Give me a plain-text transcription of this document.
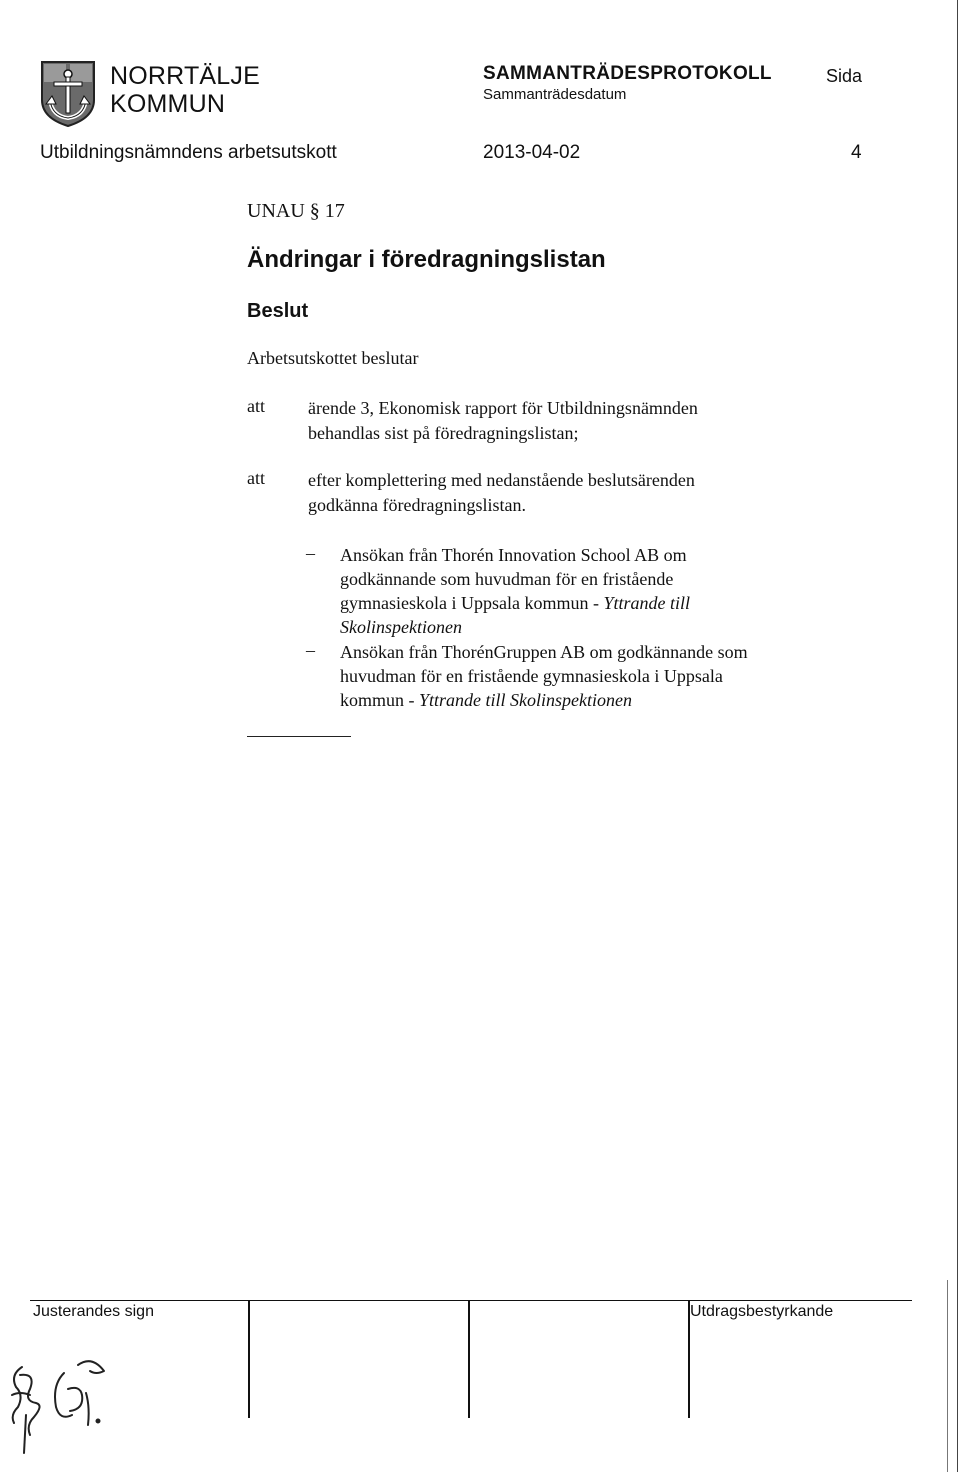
NORRTÄLJE
KOMMUN
SAMMANTRÄDESPROTOKOLL
Sammanträdesdatum
Sida
Utbildningsnämndens arbetsutskott	2013-04-02	4
UNAU § 17
Ändringar i föredragningslistan
Beslut
Arbetsutskottet beslutar
att ärende 3, Ekonomisk rapport för Utbildningsnämnden
behandlas sist på föredragningslistan;
att efter komplettering med nedanstående beslutsärenden
godkänna föredragningslistan.
– Ansökan från Thorén Innovation School AB om
godkännande som huvudman för en fristående
gymnasieskola i Uppsala kommun - Yttrande till
Skolinspektionen
– Ansökan från ThorénGruppen AB om godkännande som
huvudman för en fristående gymnasieskola i Uppsala
kommun - Yttrande till Skolinspektionen
Justerandes sign	Utdragsbestyrkande
